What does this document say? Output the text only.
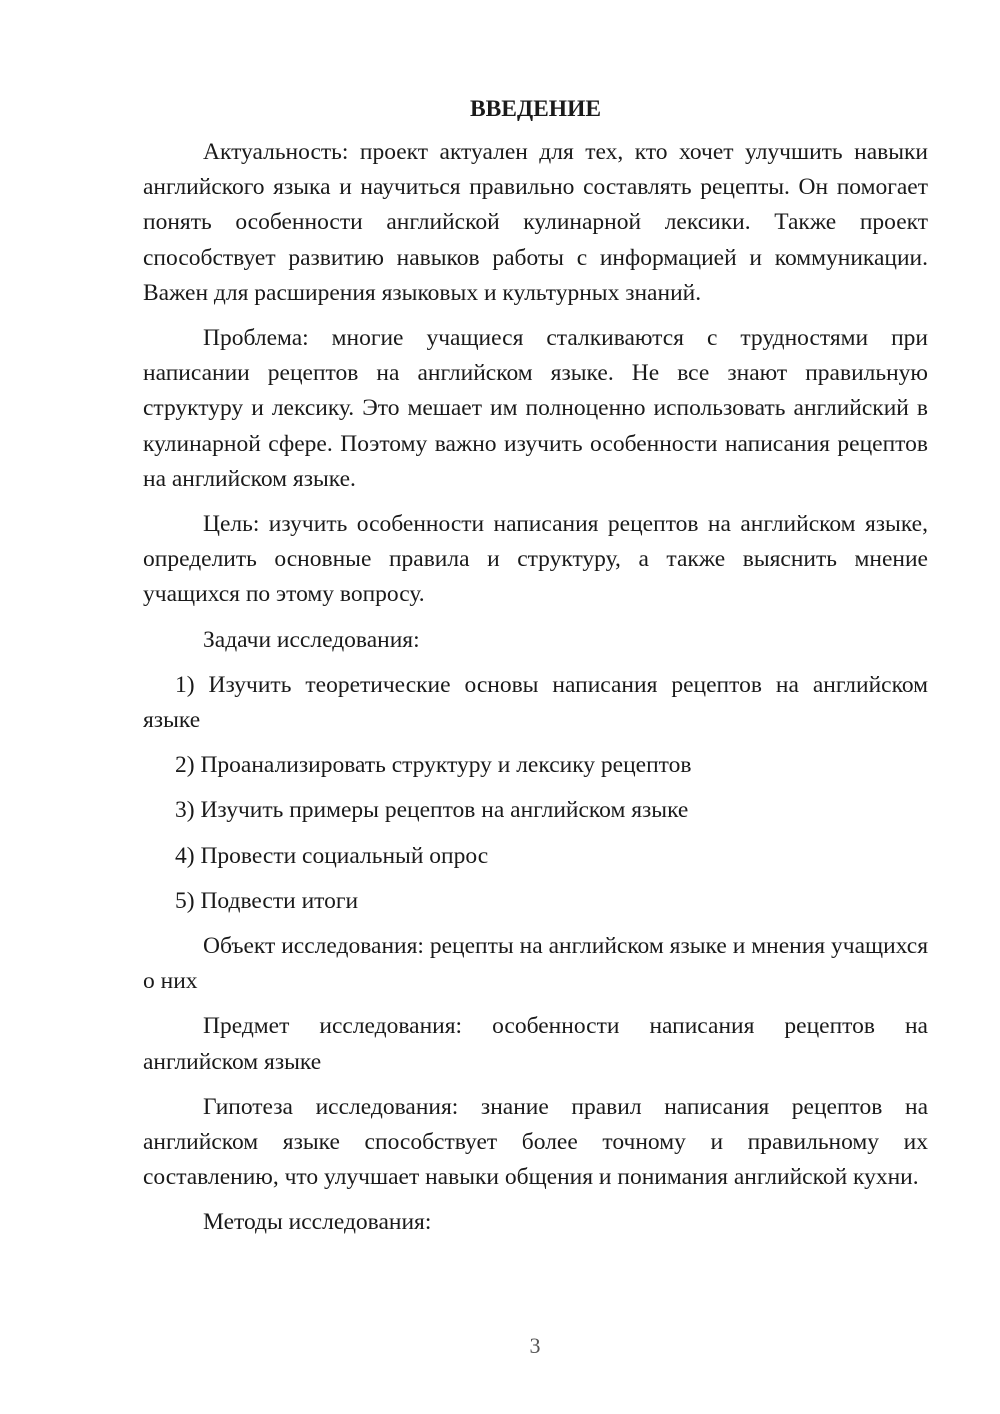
ВВЕДЕНИЕ

Актуальность: проект актуален для тех, кто хочет улучшить навыки английского языка и научиться правильно составлять рецепты. Он помогает понять особенности английской кулинарной лексики. Также проект способствует развитию навыков работы с информацией и коммуникации. Важен для расширения языковых и культурных знаний.

Проблема: многие учащиеся сталкиваются с трудностями при написании рецептов на английском языке. Не все знают правильную структуру и лексику. Это мешает им полноценно использовать английский в кулинарной сфере. Поэтому важно изучить особенности написания рецептов на английском языке.

Цель: изучить особенности написания рецептов на английском языке, определить основные правила и структуру, а также выяснить мнение учащихся по этому вопросу.

Задачи исследования:

1) Изучить теоретические основы написания рецептов на английском языке

2) Проанализировать структуру и лексику рецептов

3) Изучить примеры рецептов на английском языке

4) Провести социальный опрос

5) Подвести итоги

Объект исследования: рецепты на английском языке и мнения учащихся о них

Предмет исследования: особенности написания рецептов на английском языке

Гипотеза исследования: знание правил написания рецептов на английском языке способствует более точному и правильному их составлению, что улучшает навыки общения и понимания английской кухни.

Методы исследования:

3
